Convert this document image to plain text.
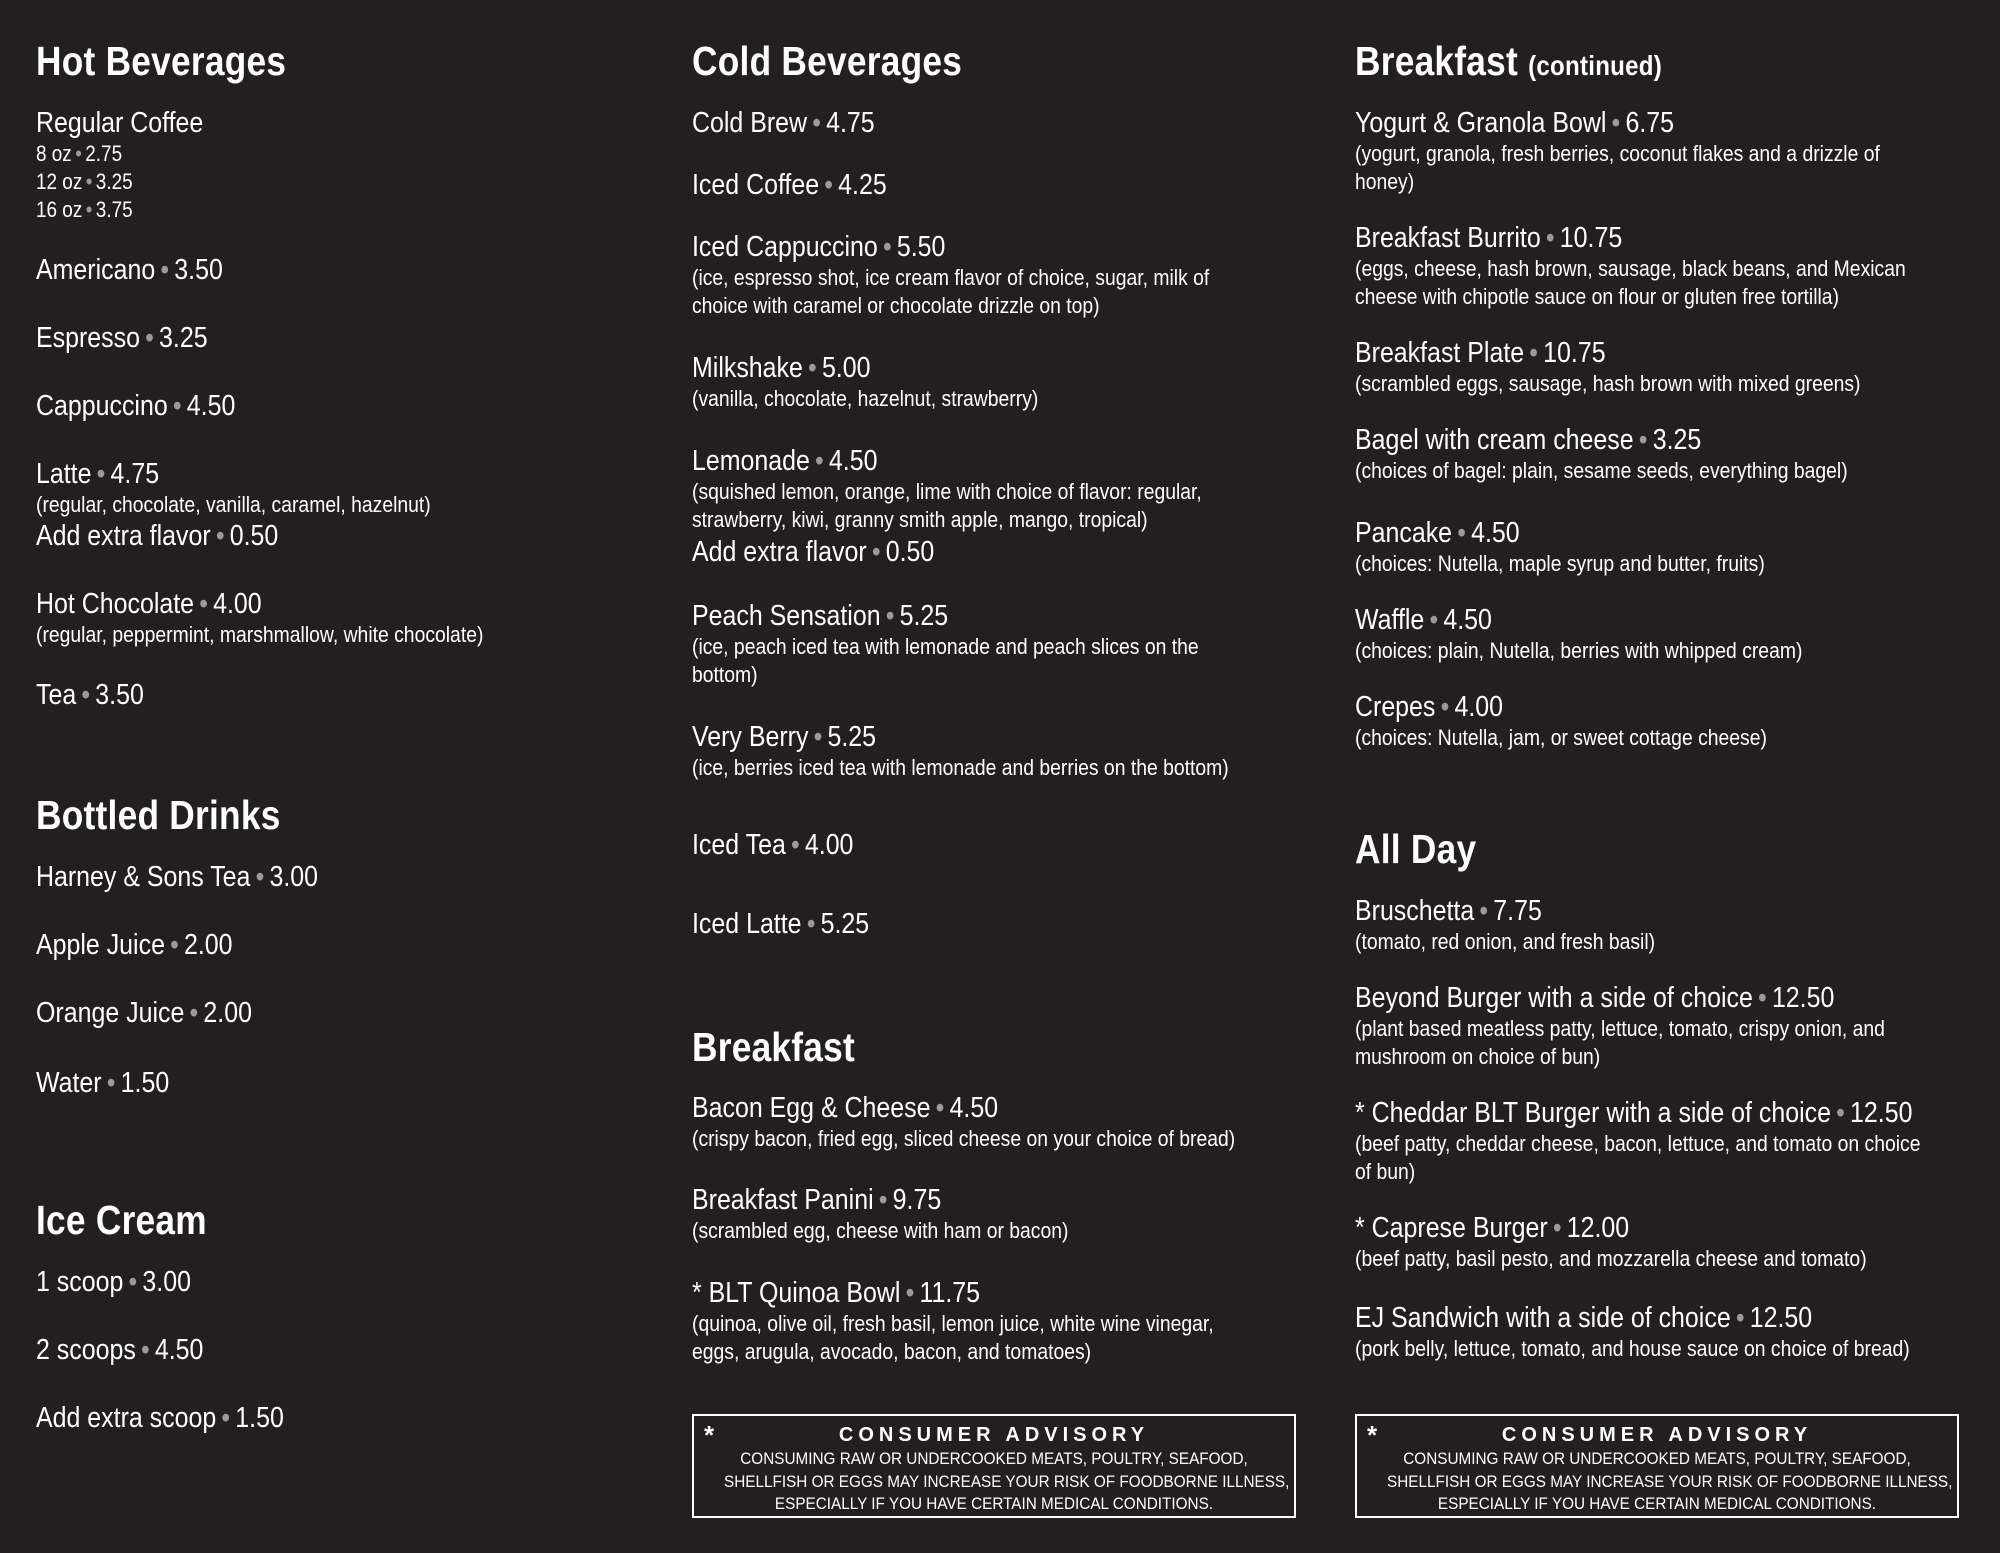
Hot Beverages
Regular Coffee
8 oz • 2.75
12 oz • 3.25
16 oz • 3.75
Americano • 3.50
Espresso • 3.25
Cappuccino • 4.50
Latte • 4.75
(regular, chocolate, vanilla, caramel, hazelnut)
Add extra flavor • 0.50
Hot Chocolate • 4.00
(regular, peppermint, marshmallow, white chocolate)
Tea • 3.50
Bottled Drinks
Harney & Sons Tea • 3.00
Apple Juice • 2.00
Orange Juice • 2.00
Water • 1.50
Ice Cream
1 scoop • 3.00
2 scoops • 4.50
Add extra scoop • 1.50
Cold Beverages
Cold Brew • 4.75
Iced Coffee • 4.25
Iced Cappuccino • 5.50
(ice, espresso shot, ice cream flavor of choice, sugar, milk of
choice with caramel or chocolate drizzle on top)
Milkshake • 5.00
(vanilla, chocolate, hazelnut, strawberry)
Lemonade • 4.50
(squished lemon, orange, lime with choice of flavor: regular,
strawberry, kiwi, granny smith apple, mango, tropical)
Add extra flavor • 0.50
Peach Sensation • 5.25
(ice, peach iced tea with lemonade and peach slices on the
bottom)
Very Berry • 5.25
(ice, berries iced tea with lemonade and berries on the bottom)
Iced Tea • 4.00
Iced Latte • 5.25
Breakfast
Bacon Egg & Cheese • 4.50
(crispy bacon, fried egg, sliced cheese on your choice of bread)
Breakfast Panini • 9.75
(scrambled egg, cheese with ham or bacon)
* BLT Quinoa Bowl • 11.75
(quinoa, olive oil, fresh basil, lemon juice, white wine vinegar,
eggs, arugula, avocado, bacon, and tomatoes)
*	CONSUMER ADVISORY
CONSUMING RAW OR UNDERCOOKED MEATS, POULTRY, SEAFOOD,
SHELLFISH OR EGGS MAY INCREASE YOUR RISK OF FOODBORNE ILLNESS,
ESPECIALLY IF YOU HAVE CERTAIN MEDICAL CONDITIONS.
Breakfast (continued)
Yogurt & Granola Bowl • 6.75
(yogurt, granola, fresh berries, coconut flakes and a drizzle of
honey)
Breakfast Burrito • 10.75
(eggs, cheese, hash brown, sausage, black beans, and Mexican
cheese with chipotle sauce on flour or gluten free tortilla)
Breakfast Plate • 10.75
(scrambled eggs, sausage, hash brown with mixed greens)
Bagel with cream cheese • 3.25
(choices of bagel: plain, sesame seeds, everything bagel)
Pancake • 4.50
(choices: Nutella, maple syrup and butter, fruits)
Waffle • 4.50
(choices: plain, Nutella, berries with whipped cream)
Crepes • 4.00
(choices: Nutella, jam, or sweet cottage cheese)
All Day
Bruschetta • 7.75
(tomato, red onion, and fresh basil)
Beyond Burger with a side of choice • 12.50
(plant based meatless patty, lettuce, tomato, crispy onion, and
mushroom on choice of bun)
* Cheddar BLT Burger with a side of choice • 12.50
(beef patty, cheddar cheese, bacon, lettuce, and tomato on choice
of bun)
* Caprese Burger • 12.00
(beef patty, basil pesto, and mozzarella cheese and tomato)
EJ Sandwich with a side of choice • 12.50
(pork belly, lettuce, tomato, and house sauce on choice of bread)
*	CONSUMER ADVISORY
CONSUMING RAW OR UNDERCOOKED MEATS, POULTRY, SEAFOOD,
SHELLFISH OR EGGS MAY INCREASE YOUR RISK OF FOODBORNE ILLNESS,
ESPECIALLY IF YOU HAVE CERTAIN MEDICAL CONDITIONS.
